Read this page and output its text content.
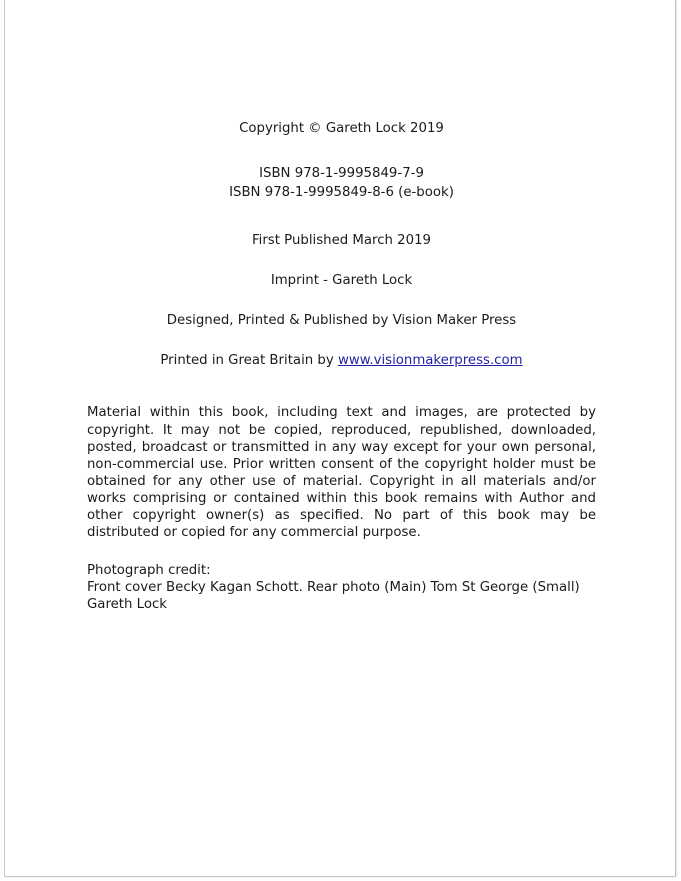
Copyright © Gareth Lock 2019
ISBN 978-1-9995849-7-9
ISBN 978-1-9995849-8-6 (e-book)
First Published March 2019
Imprint - Gareth Lock
Designed, Printed & Published by Vision Maker Press
Printed in Great Britain by www.visionmakerpress.com
Material within this book, including text and images, are protected by copyright. It may not be copied, reproduced, republished, downloaded, posted, broadcast or transmitted in any way except for your own personal, non-commercial use. Prior written consent of the copyright holder must be obtained for any other use of material. Copyright in all materials and/or works comprising or contained within this book remains with Author and other copyright owner(s) as specified. No part of this book may be distributed or copied for any commercial purpose.
Photograph credit:
Front cover Becky Kagan Schott. Rear photo (Main) Tom St George (Small) Gareth Lock
